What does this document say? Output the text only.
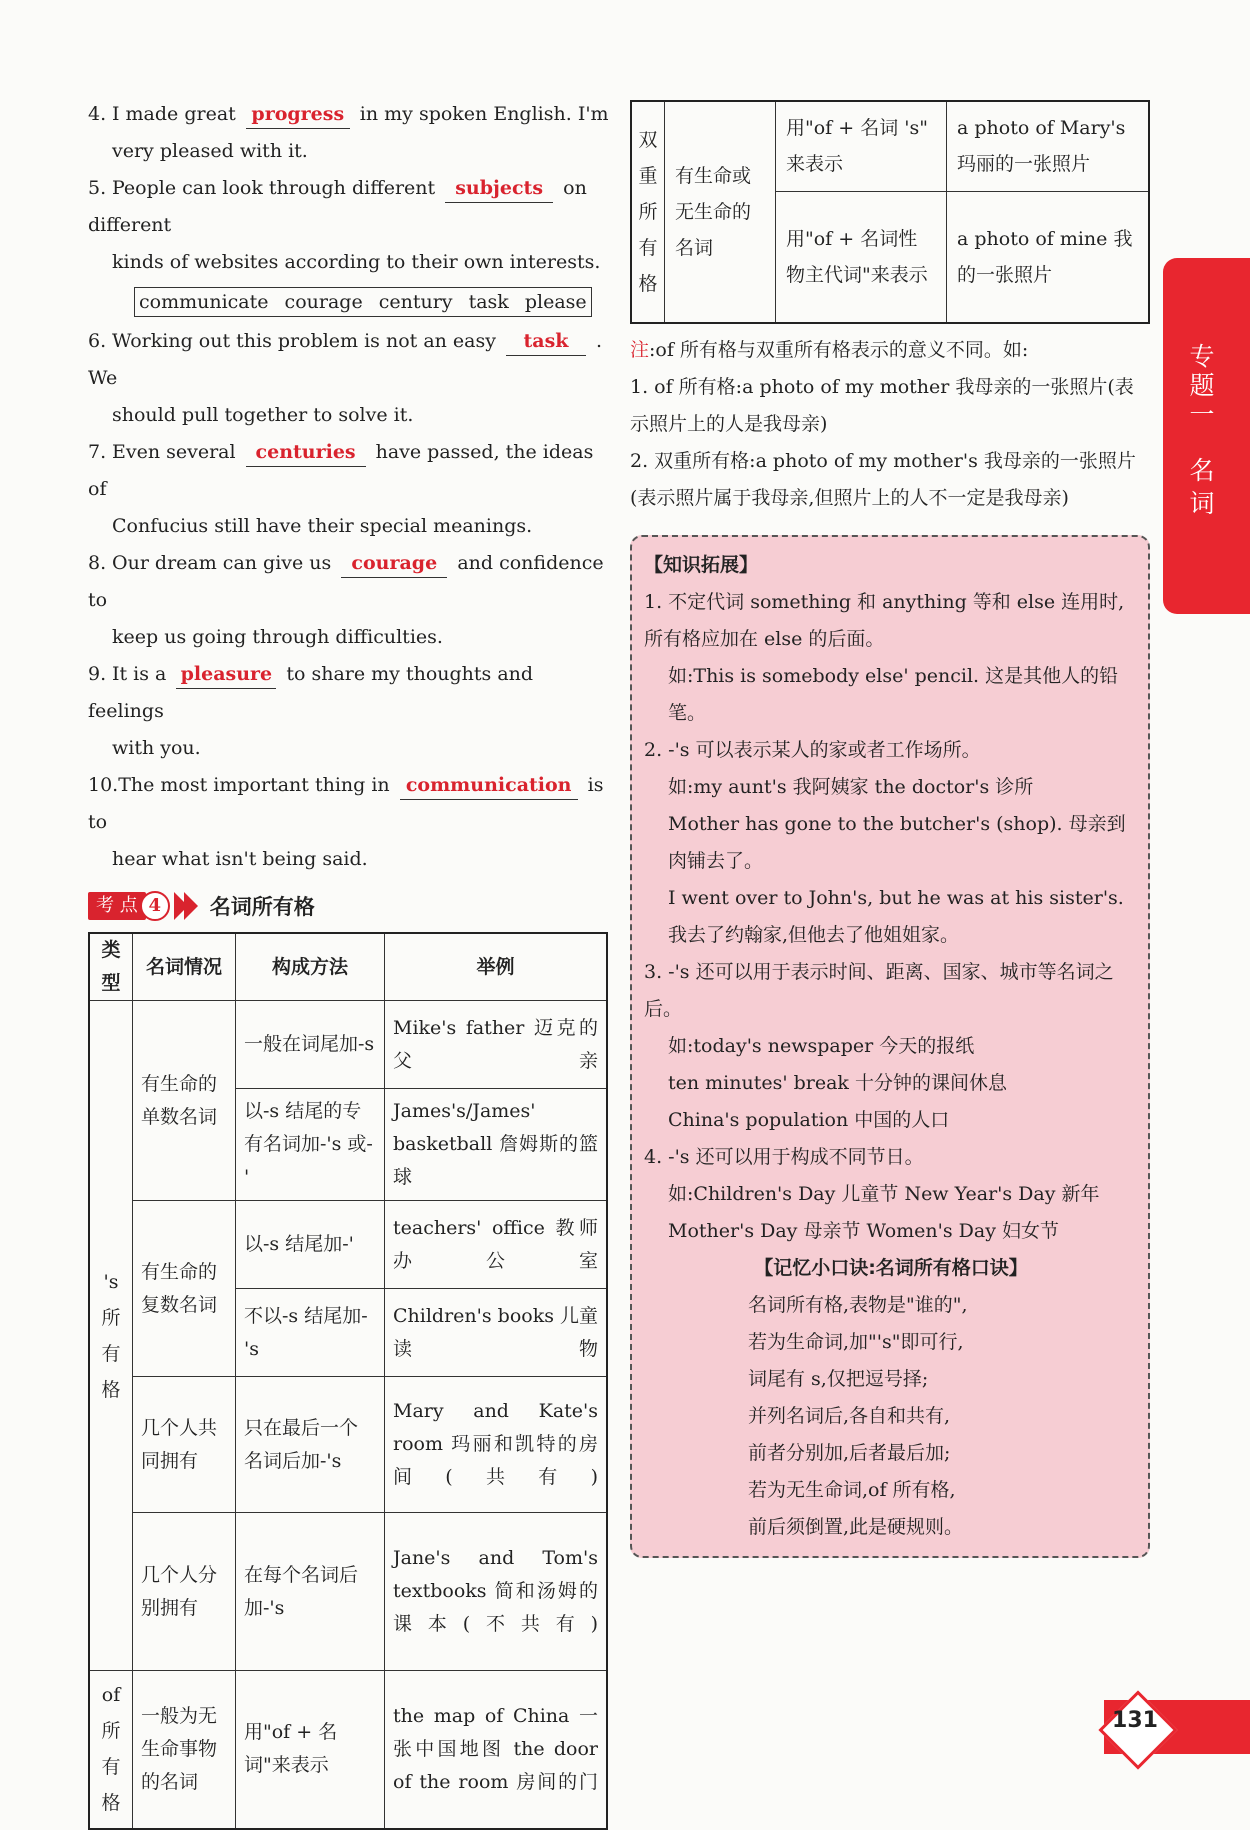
4. I made great progress in my spoken English. I'm
very pleased with it.
5. People can look through different subjects on different
kinds of websites according to their own interests.
communicate courage century task please
6. Working out this problem is not an easy task . We
should pull together to solve it.
7. Even several centuries have passed, the ideas of
Confucius still have their special meanings.
8. Our dream can give us courage and confidence to
keep us going through difficulties.
9. It is a pleasure to share my thoughts and feelings
with you.
10.The most important thing in communication is to
hear what isn't being said.
考 点 4	名词所有格
类型	名词情况	构成方法	举例
's 所 有 格	有生命的单数名词	一般在词尾加-s	Mike's father 迈克的父亲
		以-s 结尾的专有名词加-'s 或-'	James's/James' basketball 詹姆斯的篮球
	有生命的复数名词	以-s 结尾加-'	teachers' office 教师办公室
		不以-s 结尾加-'s	Children's books 儿童读物
	几个人共同拥有	只在最后一个名词后加-'s	Mary and Kate's room 玛丽和凯特的房间(共有)
	几个人分别拥有	在每个名词后加-'s	Jane's and Tom's textbooks 简和汤姆的课本(不共有)
of 所 有 格	一般为无生命事物的名词	用"of + 名词"来表示	the map of China 一张中国地图 the door of the room 房间的门
双 重 所 有 格	有生命或无生命的名词	用"of + 名词 's" 来表示	a photo of Mary's 玛丽的一张照片
		用"of + 名词性物主代词"来表示	a photo of mine 我的一张照片
注:of 所有格与双重所有格表示的意义不同。如:
1. of 所有格:a photo of my mother 我母亲的一张照片(表示照片上的人是我母亲)
2. 双重所有格:a photo of my mother's 我母亲的一张照片(表示照片属于我母亲,但照片上的人不一定是我母亲)

【知识拓展】

1. 不定代词 something 和 anything 等和 else 连用时,所有格应加在 else 的后面。

如:This is somebody else' pencil. 这是其他人的铅笔。

2. -'s 可以表示某人的家或者工作场所。

如:my aunt's 我阿姨家 the doctor's 诊所

Mother has gone to the butcher's (shop). 母亲到肉铺去了。

I went over to John's, but he was at his sister's. 我去了约翰家,但他去了他姐姐家。

3. -'s 还可以用于表示时间、距离、国家、城市等名词之后。

如:today's newspaper 今天的报纸

ten minutes' break 十分钟的课间休息

China's population 中国的人口

4. -'s 还可以用于构成不同节日。

如:Children's Day 儿童节 New Year's Day 新年

Mother's Day 母亲节 Women's Day 妇女节

【记忆小口诀:名词所有格口诀】

名词所有格,表物是"谁的",

若为生命词,加"'s"即可行,

词尾有 s,仅把逗号择;

并列名词后,各自和共有,

前者分别加,后者最后加;

若为无生命词,of 所有格,

前后须倒置,此是硬规则。

专题一
名词
131
